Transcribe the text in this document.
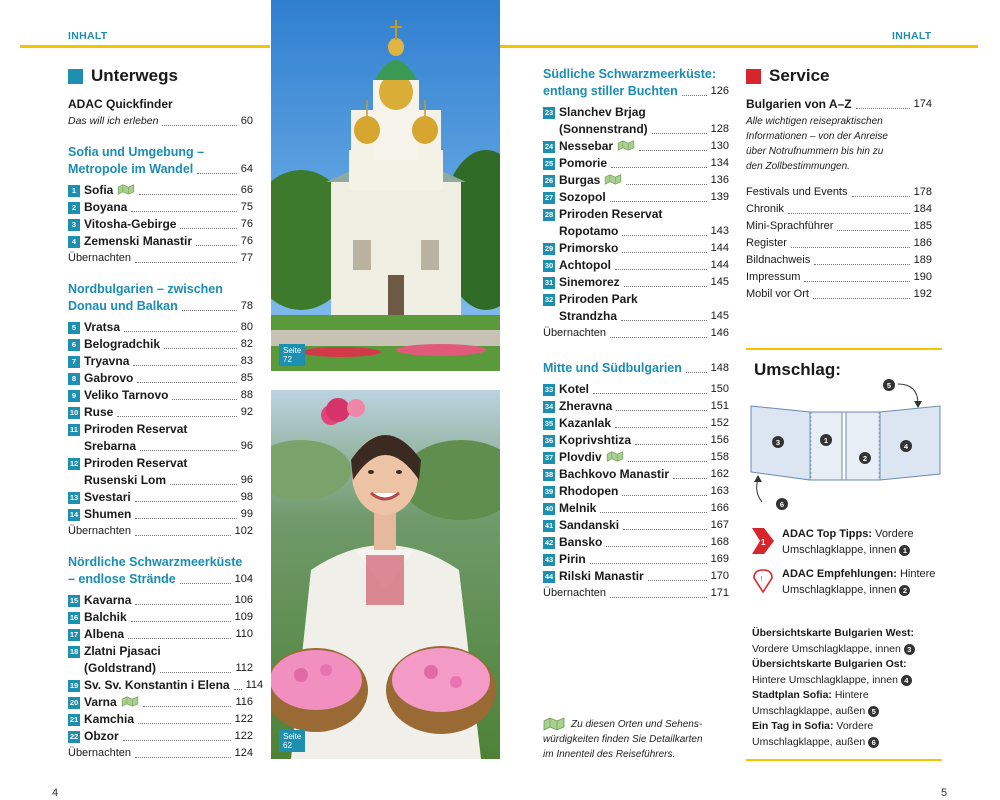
INHALT	INHALT
Unterwegs
ADAC Quickfinder
Das will ich erleben	60
Sofia und Umgebung –
Metropole im Wandel	64
1 Sofia	66
2 Boyana	75
3 Vitosha-Gebirge	76
4 Zemenski Manastir	76
Übernachten	77
Nordbulgarien – zwischen
Donau und Balkan	78
5 Vratsa	80
6 Belogradchik	82
7 Tryavna	83
8 Gabrovo	85
9 Veliko Tarnovo	88
10 Ruse	92
11 Priroden Reservat
Srebarna	96
12 Priroden Reservat
Rusenski Lom	96
13 Svestari	98
14 Shumen	99
Übernachten	102
Nördliche Schwarzmeerküste
– endlose Strände	104
15 Kavarna	106
16 Balchik	109
17 Albena	110
18 Zlatni Pjasaci
(Goldstrand)	112
19 Sv. Sv. Konstantin i Elena 114
20 Varna	116
21 Kamchia	122
22 Obzor	122
Übernachten	124
Seite
72
Seite
62
Südliche Schwarzmeerküste:
entlang stiller Buchten	126
23 Slanchev Brjag
(Sonnenstrand)	128
24 Nessebar	130
25 Pomorie	134
26 Burgas	136
27 Sozopol	139
28 Priroden Reservat
Ropotamo	143
29 Primorsko	144
30 Achtopol	144
31 Sinemorez	145
32 Priroden Park
Strandzha	145
Übernachten	146
Mitte und Südbulgarien	148
33 Kotel	150
34 Zheravna	151
35 Kazanlak	152
36 Koprivshtiza	156
37 Plovdiv	158
38 Bachkovo Manastir	162
39 Rhodopen	163
40 Melnik	166
41 Sandanski	167
42 Bansko	168
43 Pirin	169
44 Rilski Manastir	170
Übernachten	171
Zu diesen Orten und Sehens-
würdigkeiten finden Sie Detailkarten
im Innenteil des Reiseführers.
Service
Bulgarien von A–Z	174
Alle wichtigen reisepraktischen
Informationen – von der Anreise
über Notrufnummern bis hin zu
den Zollbestimmungen.
Festivals und Events	178
Chronik	184
Mini-Sprachführer	185
Register	186
Bildnachweis	189
Impressum	190
Mobil vor Ort	192
Umschlag:
3	1
2
4
5
6
1
ADAC Top Tipps: Vordere
Umschlagklappe, innen 1
! ADAC Empfehlungen: Hintere
Umschlagklappe, innen 2
Übersichtskarte Bulgarien West:
Vordere Umschlagklappe, innen 3
Übersichtskarte Bulgarien Ost:
Hintere Umschlagklappe, innen 4
Stadtplan Sofia: Hintere
Umschlagklappe, außen 5
Ein Tag in Sofia: Vordere
Umschlagklappe, außen 6
4	5
